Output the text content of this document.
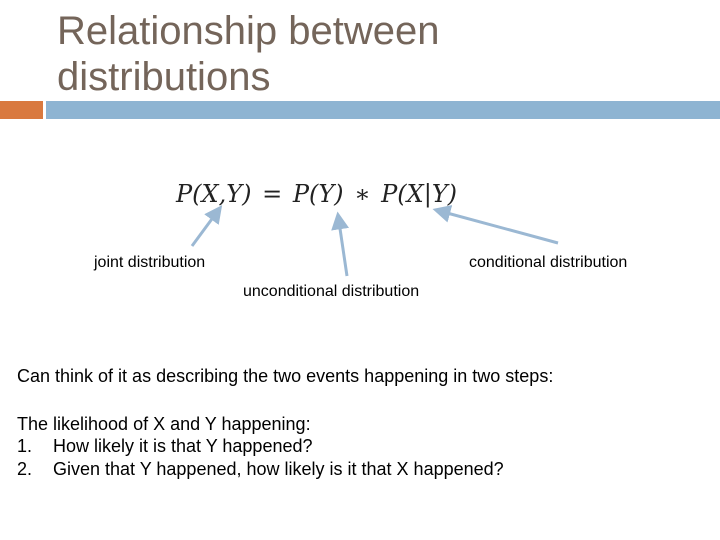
Relationship between
distributions
P(X,Y) = P(Y) ∗ P(X|Y)
joint distribution	conditional distribution
unconditional distribution
Can think of it as describing the two events happening in two steps:
The likelihood of X and Y happening:
1. How likely it is that Y happened?
2. Given that Y happened, how likely is it that X happened?
